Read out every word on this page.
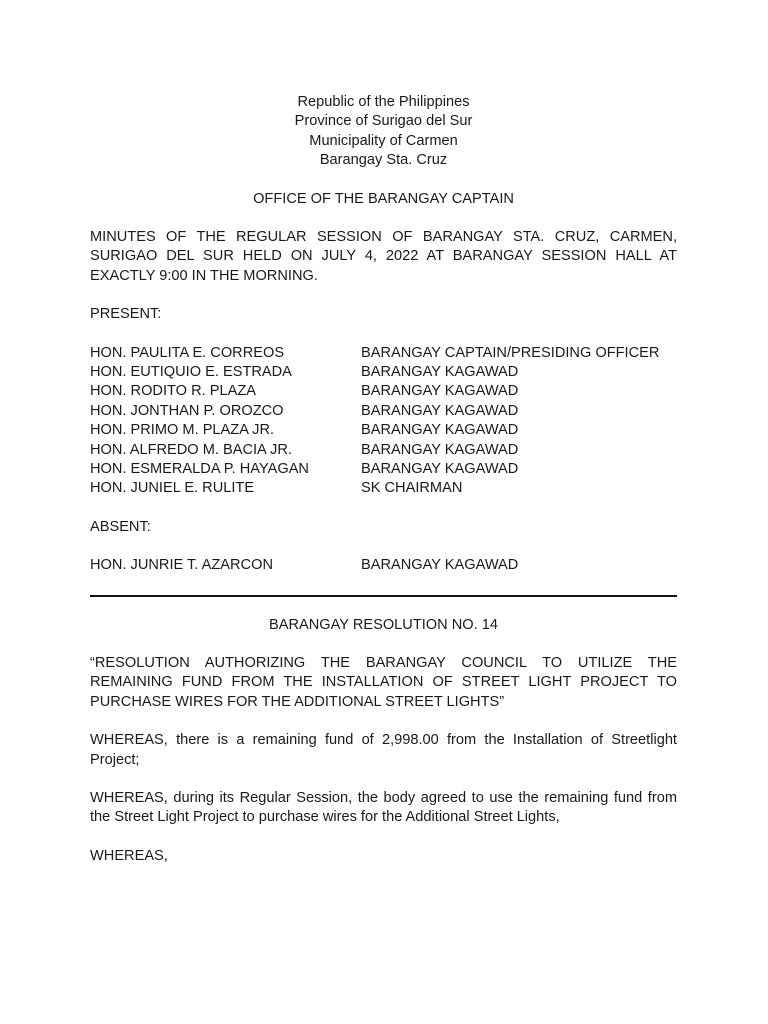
Republic of the Philippines
Province of Surigao del Sur
Municipality of Carmen
Barangay Sta. Cruz
OFFICE OF THE BARANGAY CAPTAIN
MINUTES OF THE REGULAR SESSION OF BARANGAY STA. CRUZ, CARMEN, SURIGAO DEL SUR HELD ON JULY 4, 2022 AT BARANGAY SESSION HALL AT EXACTLY 9:00 IN THE MORNING.
PRESENT:
HON. PAULITA E. CORREOS	BARANGAY CAPTAIN/PRESIDING OFFICER
HON. EUTIQUIO E. ESTRADA	BARANGAY KAGAWAD
HON. RODITO R. PLAZA	BARANGAY KAGAWAD
HON. JONTHAN P. OROZCO	BARANGAY KAGAWAD
HON. PRIMO M. PLAZA JR.	BARANGAY KAGAWAD
HON. ALFREDO M. BACIA JR.	BARANGAY KAGAWAD
HON. ESMERALDA P. HAYAGAN	BARANGAY KAGAWAD
HON. JUNIEL E. RULITE	SK CHAIRMAN
ABSENT:
HON. JUNRIE T. AZARCON	BARANGAY KAGAWAD
BARANGAY RESOLUTION NO. 14
“RESOLUTION AUTHORIZING THE BARANGAY COUNCIL TO UTILIZE THE REMAINING FUND FROM THE INSTALLATION OF STREET LIGHT PROJECT TO PURCHASE WIRES FOR THE ADDITIONAL STREET LIGHTS”
WHEREAS, there is a remaining fund of 2,998.00 from the Installation of Streetlight Project;
WHEREAS, during its Regular Session, the body agreed to use the remaining fund from the Street Light Project to purchase wires for the Additional Street Lights,
WHEREAS,
